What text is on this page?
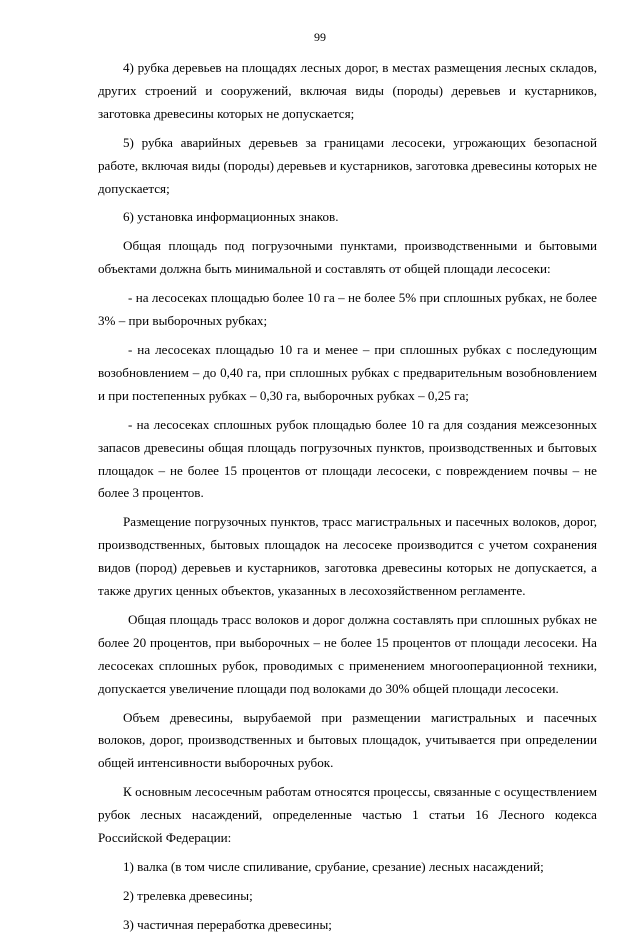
99

4) рубка деревьев на площадях лесных дорог, в местах размещения лесных складов, других строений и сооружений, включая виды (породы) деревьев и кустарников, заготовка древесины которых не допускается;

5) рубка аварийных деревьев за границами лесосеки, угрожающих безопасной работе, включая виды (породы) деревьев и кустарников, заготовка древесины которых не допускается;

6) установка информационных знаков.

Общая площадь под погрузочными пунктами, производственными и бытовыми объектами должна быть минимальной и составлять от общей площади лесосеки:

- на лесосеках площадью более 10 га – не более 5% при сплошных рубках, не более 3% – при выборочных рубках;

- на лесосеках площадью 10 га и менее – при сплошных рубках с последующим возобновлением – до 0,40 га, при сплошных рубках с предварительным возобновлением и при постепенных рубках – 0,30 га, выборочных рубках – 0,25 га;

- на лесосеках сплошных рубок площадью более 10 га для создания межсезонных запасов древесины общая площадь погрузочных пунктов, производственных и бытовых площадок – не более 15 процентов от площади лесосеки, с повреждением почвы – не более 3 процентов.

Размещение погрузочных пунктов, трасс магистральных и пасечных волоков, дорог, производственных, бытовых площадок на лесосеке производится с учетом сохранения видов (пород) деревьев и кустарников, заготовка древесины которых не допускается, а также других ценных объектов, указанных в лесохозяйственном регламенте.

Общая площадь трасс волоков и дорог должна составлять при сплошных рубках не более 20 процентов, при выборочных – не более 15 процентов от площади лесосеки. На лесосеках сплошных рубок, проводимых с применением многооперационной техники, допускается увеличение площади под волоками до 30% общей площади лесосеки.

Объем древесины, вырубаемой при размещении магистральных и пасечных волоков, дорог, производственных и бытовых площадок, учитывается при определении общей интенсивности выборочных рубок.

К основным лесосечным работам относятся процессы, связанные с осуществлением рубок лесных насаждений, определенные частью 1 статьи 16 Лесного кодекса Российской Федерации:

1) валка (в том числе спиливание, срубание, срезание) лесных насаждений;

2) трелевка древесины;

3) частичная переработка древесины;
